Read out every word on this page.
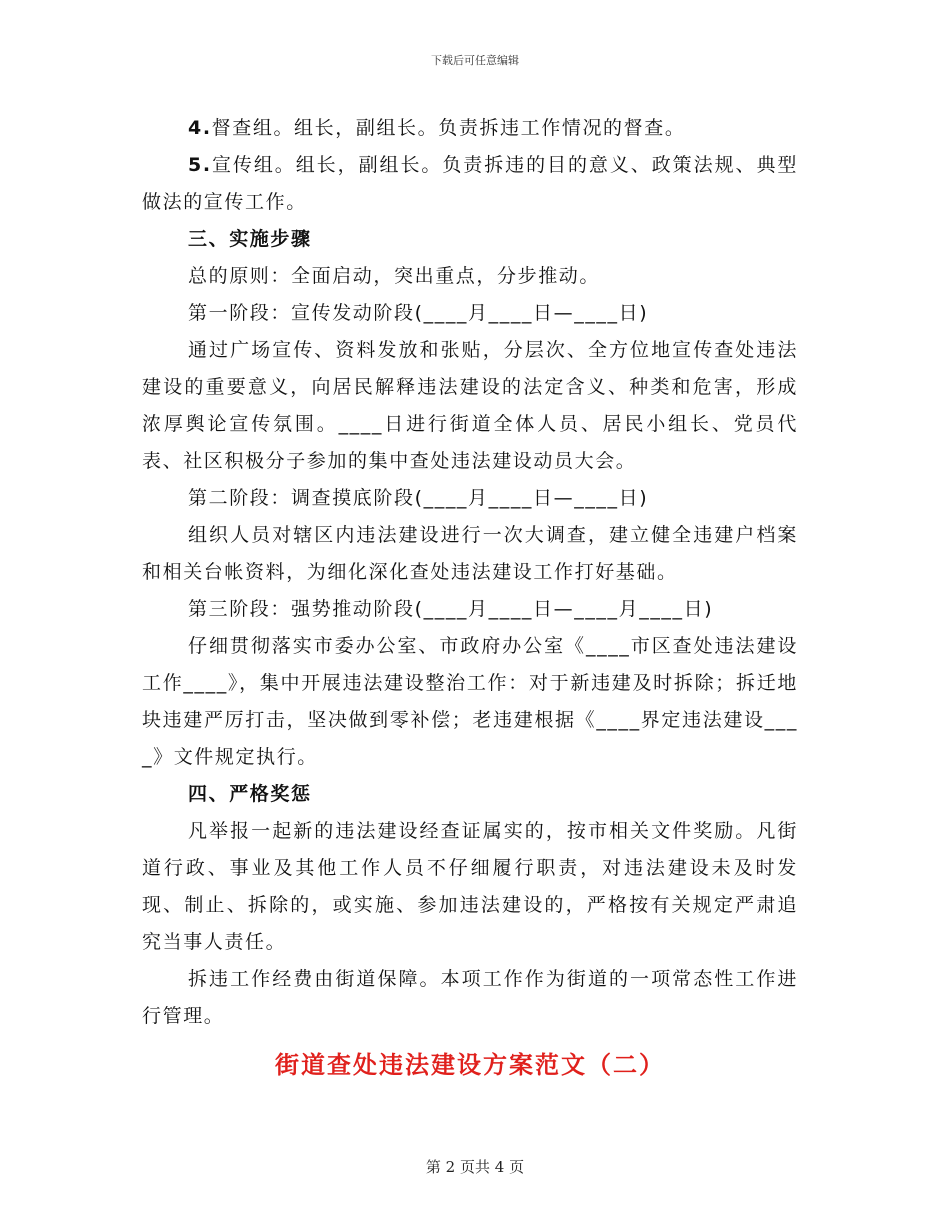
下载后可任意编辑

4.督查组。组长，副组长。负责拆违工作情况的督查。

5.宣传组。组长，副组长。负责拆违的目的意义、政策法规、典型做法的宣传工作。

三、实施步骤

总的原则：全面启动，突出重点，分步推动。

第一阶段：宣传发动阶段(____月____日—____日)

通过广场宣传、资料发放和张贴，分层次、全方位地宣传查处违法建设的重要意义，向居民解释违法建设的法定含义、种类和危害，形成浓厚舆论宣传氛围。____日进行街道全体人员、居民小组长、党员代表、社区积极分子参加的集中查处违法建设动员大会。

第二阶段：调查摸底阶段(____月____日—____日)

组织人员对辖区内违法建设进行一次大调查，建立健全违建户档案和相关台帐资料，为细化深化查处违法建设工作打好基础。

第三阶段：强势推动阶段(____月____日—____月____日)

仔细贯彻落实市委办公室、市政府办公室《____市区查处违法建设工作____》，集中开展违法建设整治工作：对于新违建及时拆除；拆迁地块违建严厉打击，坚决做到零补偿；老违建根据《____界定违法建设____》文件规定执行。

四、严格奖惩

凡举报一起新的违法建设经查证属实的，按市相关文件奖励。凡街道行政、事业及其他工作人员不仔细履行职责，对违法建设未及时发现、制止、拆除的，或实施、参加违法建设的，严格按有关规定严肃追究当事人责任。

拆违工作经费由街道保障。本项工作作为街道的一项常态性工作进行管理。

街道查处违法建设方案范文（二）

第 2 页共 4 页
